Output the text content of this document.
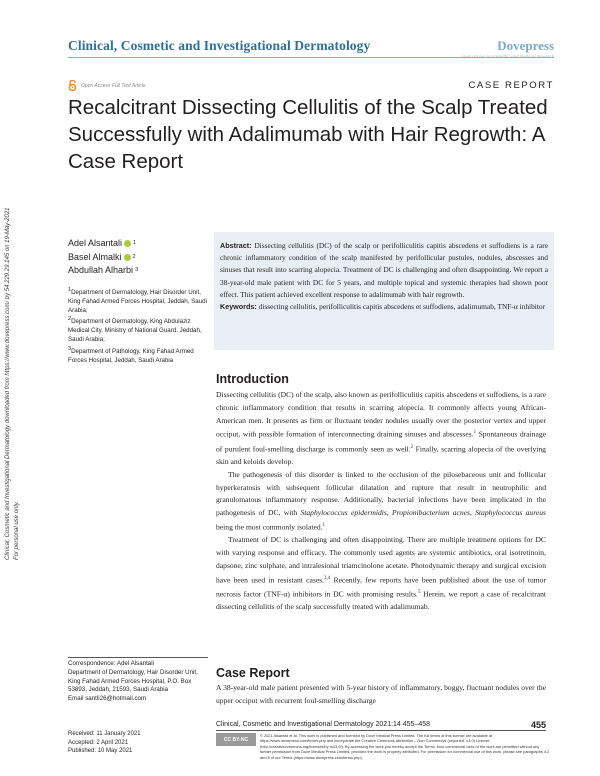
Clinical, Cosmetic and Investigational Dermatology	Dovepress
open access to scientific and medical research
Open Access Full Text Article	CASE REPORT
Recalcitrant Dissecting Cellulitis of the Scalp Treated Successfully with Adalimumab with Hair Regrowth: A Case Report
Clinical, Cosmetic and Investigational Dermatology downloaded from https://www.dovepress.com/ by 54.229.29.145 on 19-May-2021 For personal use only.
Adel Alsantali 1
Basel Almalki 2
Abdullah Alharbi 3
1Department of Dermatology, Hair Disorder Unit, King Fahad Armed Forces Hospital, Jeddah, Saudi Arabia;
2Department of Dermatology, King Abdulaziz Medical City, Ministry of National Guard, Jeddah, Saudi Arabia;
3Department of Pathology, King Fahad Armed Forces Hospital, Jeddah, Saudi Arabia
Abstract: Dissecting cellulitis (DC) of the scalp or perifolliculitis capitis abscedens et suffodiens is a rare chronic inflammatory condition of the scalp manifested by perifollicular pustules, nodules, abscesses and sinuses that result into scarring alopecia. Treatment of DC is challenging and often disappointing. We report a 38-year-old male patient with DC for 5 years, and multiple topical and systemic therapies had shown poor effect. This patient achieved excellent response to adalimumab with hair regrowth.
Keywords: dissecting cellulitis, perifolliculitis capitis abscedens et suffodiens, adalimumab, TNF-α inhibitor
Introduction

Dissecting cellulitis (DC) of the scalp, also known as perifolliculitis capitis abscedens et suffodiens, is a rare chronic inflammatory condition that results in scarring alopecia. It commonly affects young African-American men. It presents as firm or fluctuant tender nodules usually over the posterior vertex and upper occiput, with possible formation of interconnecting draining sinuses and abscesses.$^1$ Spontaneous drainage of purulent foul-smelling discharge is commonly seen as well.$^2$ Finally, scarring alopecia of the overlying skin and keloids develop.

The pathogenesis of this disorder is linked to the occlusion of the pilosebaceous unit and follicular hyperkeratosis with subsequent follicular dilatation and rupture that result in neutrophilic and granulomatous inflammatory response. Additionally, bacterial infections have been implicated in the pathogenesis of DC, with Staphylococcus epidermidis, Propionibacterium acnes, Staphylococcus aureus being the most commonly isolated.$^1$

Treatment of DC is challenging and often disappointing. There are multiple treatment options for DC with varying response and efficacy. The commonly used agents are systemic antibiotics, oral isotretinoin, dapsone, zinc sulphate, and intralesional triamcinolone acetate. Photodynamic therapy and surgical excision have been used in resistant cases.$^{3,4}$ Recently, few reports have been published about the use of tumor necrosis factor (TNF-α) inhibitors in DC with promising results.$^5$ Herein, we report a case of recalcitrant dissecting cellulitis of the scalp successfully treated with adalimumab.

Case Report

A 38-year-old male patient presented with 5-year history of inflammatory, boggy, fluctuant nodules over the upper occiput with recurrent foul-smelling discharge

Correspondence: Adel Alsantali
Department of Dermatology, Hair Disorder Unit, King Fahad Armed Forces Hospital, P.O. Box 53893, Jeddah, 21593, Saudi Arabia
Email santli26@hotmail.com
Received: 11 January 2021
Accepted: 2 April 2021
Published: 10 May 2021
Clinical, Cosmetic and Investigational Dermatology 2021:14 455–458	455
CC BY-NC
© 2021 Alsantali et al. This work is published and licensed by Dove Medical Press Limited. The full terms of this license are available at https://www.dovepress.com/terms.php and incorporate the Creative Commons Attribution – Non Commercial (unported, v3.0) License (http://creativecommons.org/licenses/by-nc/3.0/). By accessing the work you hereby accept the Terms. Non-commercial uses of the work are permitted without any further permission from Dove Medical Press Limited, provided the work is properly attributed. For permission for commercial use of this work, please see paragraphs 4.2 and 5 of our Terms (https://www.dovepress.com/terms.php).
